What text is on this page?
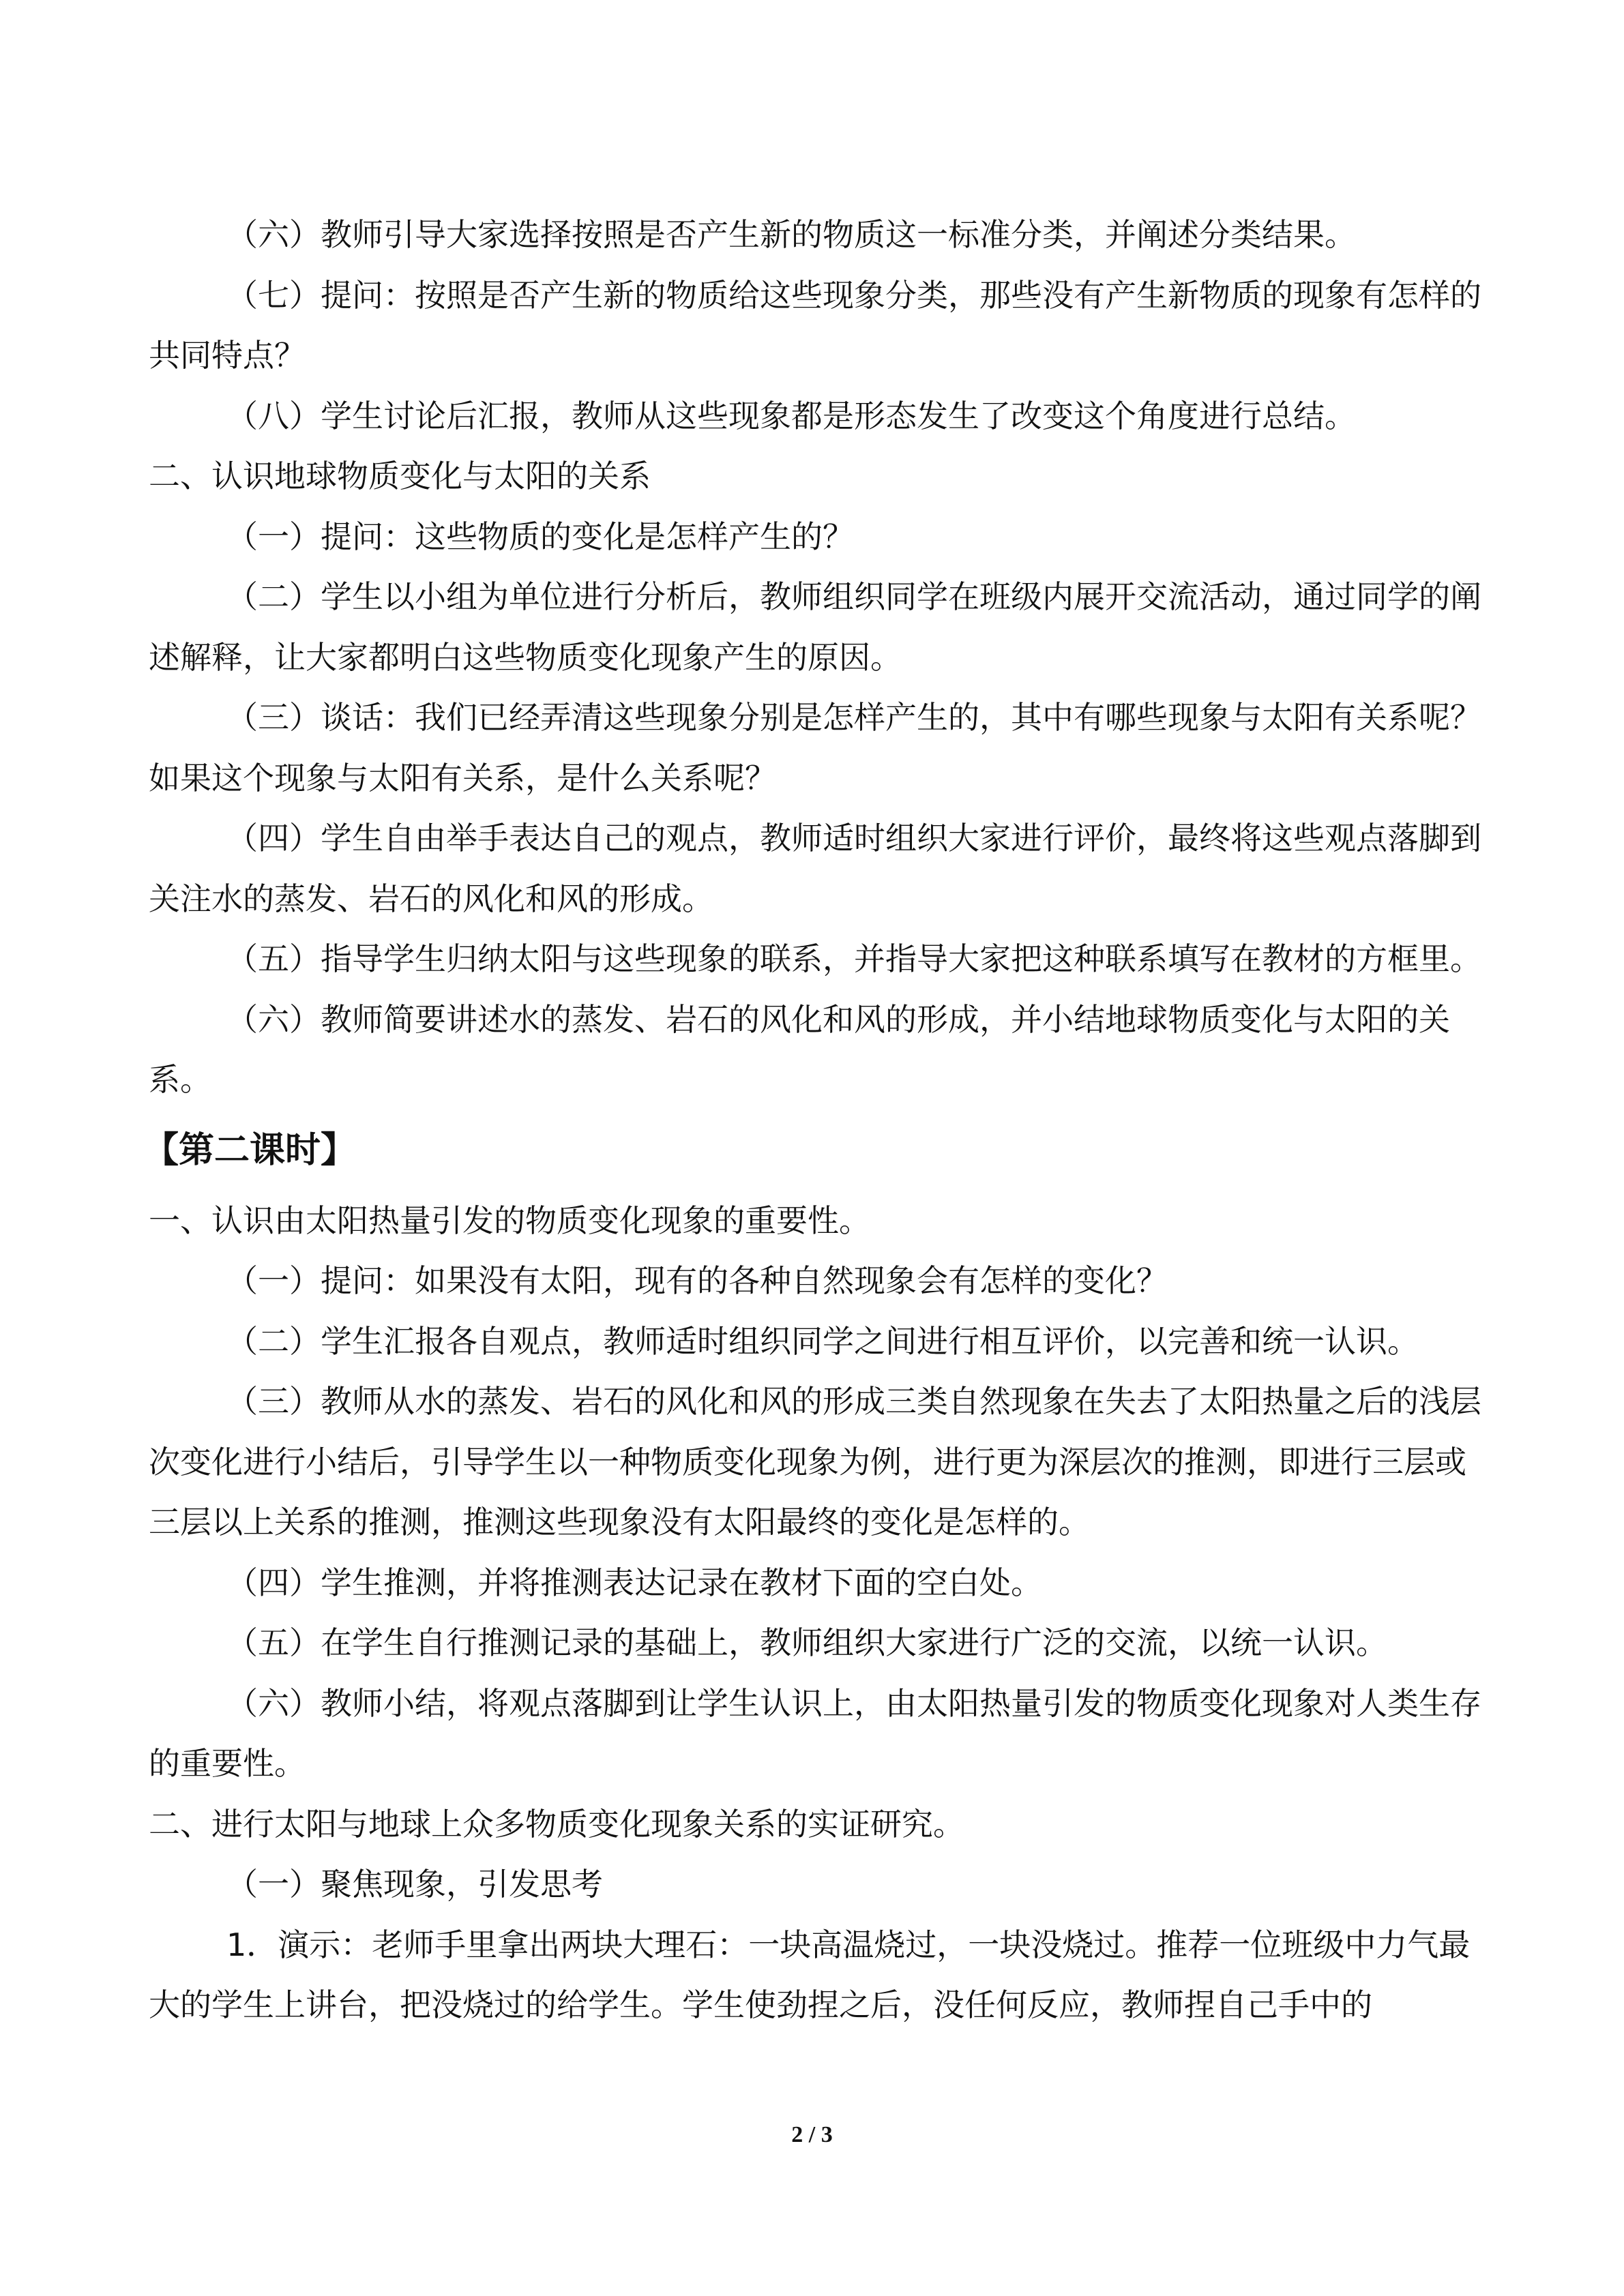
（六）教师引导大家选择按照是否产生新的物质这一标准分类，并阐述分类结果。

（七）提问：按照是否产生新的物质给这些现象分类，那些没有产生新物质的现象有怎样的共同特点？

（八）学生讨论后汇报，教师从这些现象都是形态发生了改变这个角度进行总结。

二、认识地球物质变化与太阳的关系

（一）提问：这些物质的变化是怎样产生的？

（二）学生以小组为单位进行分析后，教师组织同学在班级内展开交流活动，通过同学的阐述解释，让大家都明白这些物质变化现象产生的原因。

（三）谈话：我们已经弄清这些现象分别是怎样产生的，其中有哪些现象与太阳有关系呢？如果这个现象与太阳有关系，是什么关系呢？

（四）学生自由举手表达自己的观点，教师适时组织大家进行评价，最终将这些观点落脚到关注水的蒸发、岩石的风化和风的形成。

（五）指导学生归纳太阳与这些现象的联系，并指导大家把这种联系填写在教材的方框里。

（六）教师简要讲述水的蒸发、岩石的风化和风的形成，并小结地球物质变化与太阳的关系。

【第二课时】

一、认识由太阳热量引发的物质变化现象的重要性。

（一）提问：如果没有太阳，现有的各种自然现象会有怎样的变化？

（二）学生汇报各自观点，教师适时组织同学之间进行相互评价，以完善和统一认识。

（三）教师从水的蒸发、岩石的风化和风的形成三类自然现象在失去了太阳热量之后的浅层次变化进行小结后，引导学生以一种物质变化现象为例，进行更为深层次的推测，即进行三层或三层以上关系的推测，推测这些现象没有太阳最终的变化是怎样的。

（四）学生推测，并将推测表达记录在教材下面的空白处。

（五）在学生自行推测记录的基础上，教师组织大家进行广泛的交流，以统一认识。

（六）教师小结，将观点落脚到让学生认识上，由太阳热量引发的物质变化现象对人类生存的重要性。

二、进行太阳与地球上众多物质变化现象关系的实证研究。

（一）聚焦现象，引发思考

1．演示：老师手里拿出两块大理石：一块高温烧过，一块没烧过。推荐一位班级中力气最大的学生上讲台，把没烧过的给学生。学生使劲捏之后，没任何反应，教师捏自己手中的

2 / 3
